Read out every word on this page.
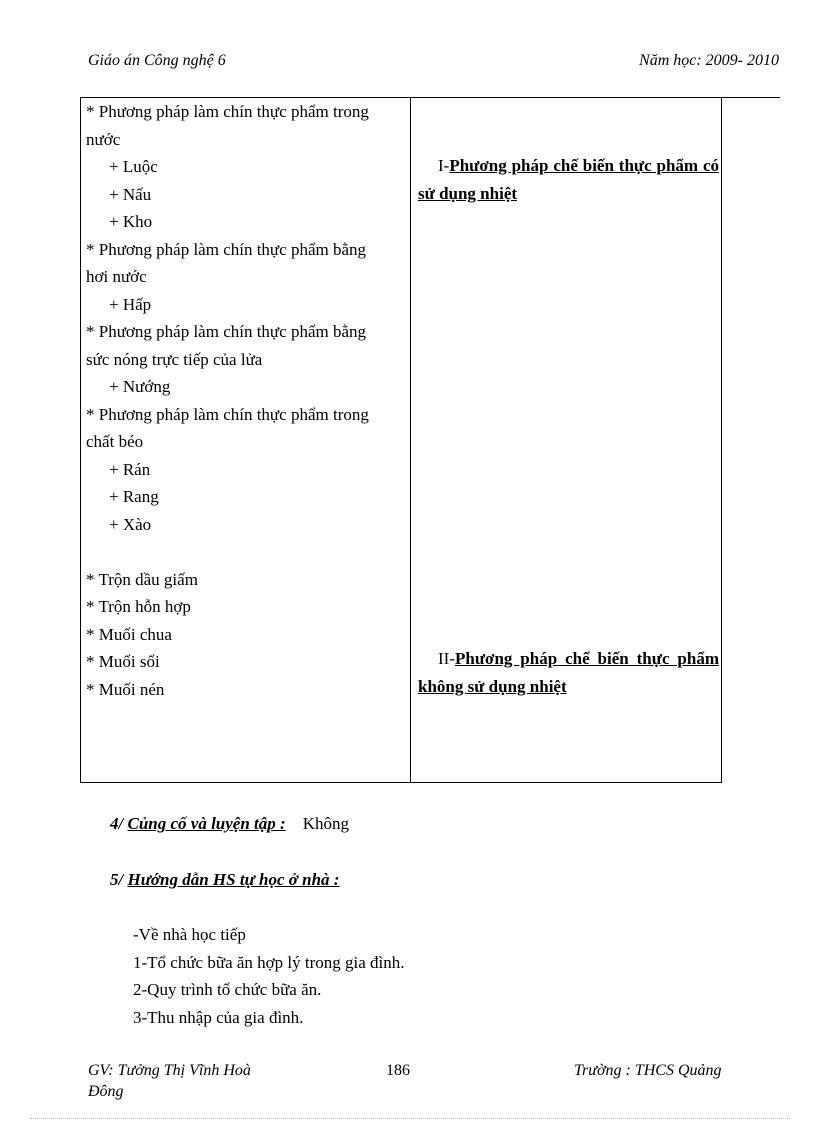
Giáo án Công nghệ 6	Năm học: 2009- 2010
* Phương pháp làm chín thực phẩm trong
nước
+ Luộc
+ Nấu
+ Kho
* Phương pháp làm chín thực phẩm bằng
hơi nước
+ Hấp
* Phương pháp làm chín thực phẩm bằng
sức nóng trực tiếp của lửa
+ Nướng
* Phương pháp làm chín thực phẩm trong
chất béo
+ Rán
+ Rang
+ Xào
* Trộn dầu giấm
* Trộn hỗn hợp
* Muối chua
* Muối sổi
* Muối nén
I-Phương pháp chế biến thực phẩm có sử dụng nhiệt
II-Phương pháp chế biến thực phẩm không sử dụng nhiệt
4/ Củng cố và luyện tập : Không
5/ Hướng dẫn HS tự học ở nhà :
-Về nhà học tiếp
1-Tổ chức bữa ăn hợp lý trong gia đình.
2-Quy trình tổ chức bữa ăn.
3-Thu nhập của gia đình.
GV: Tưởng Thị Vĩnh Hoà
Đông
186	Trường : THCS Quảng
